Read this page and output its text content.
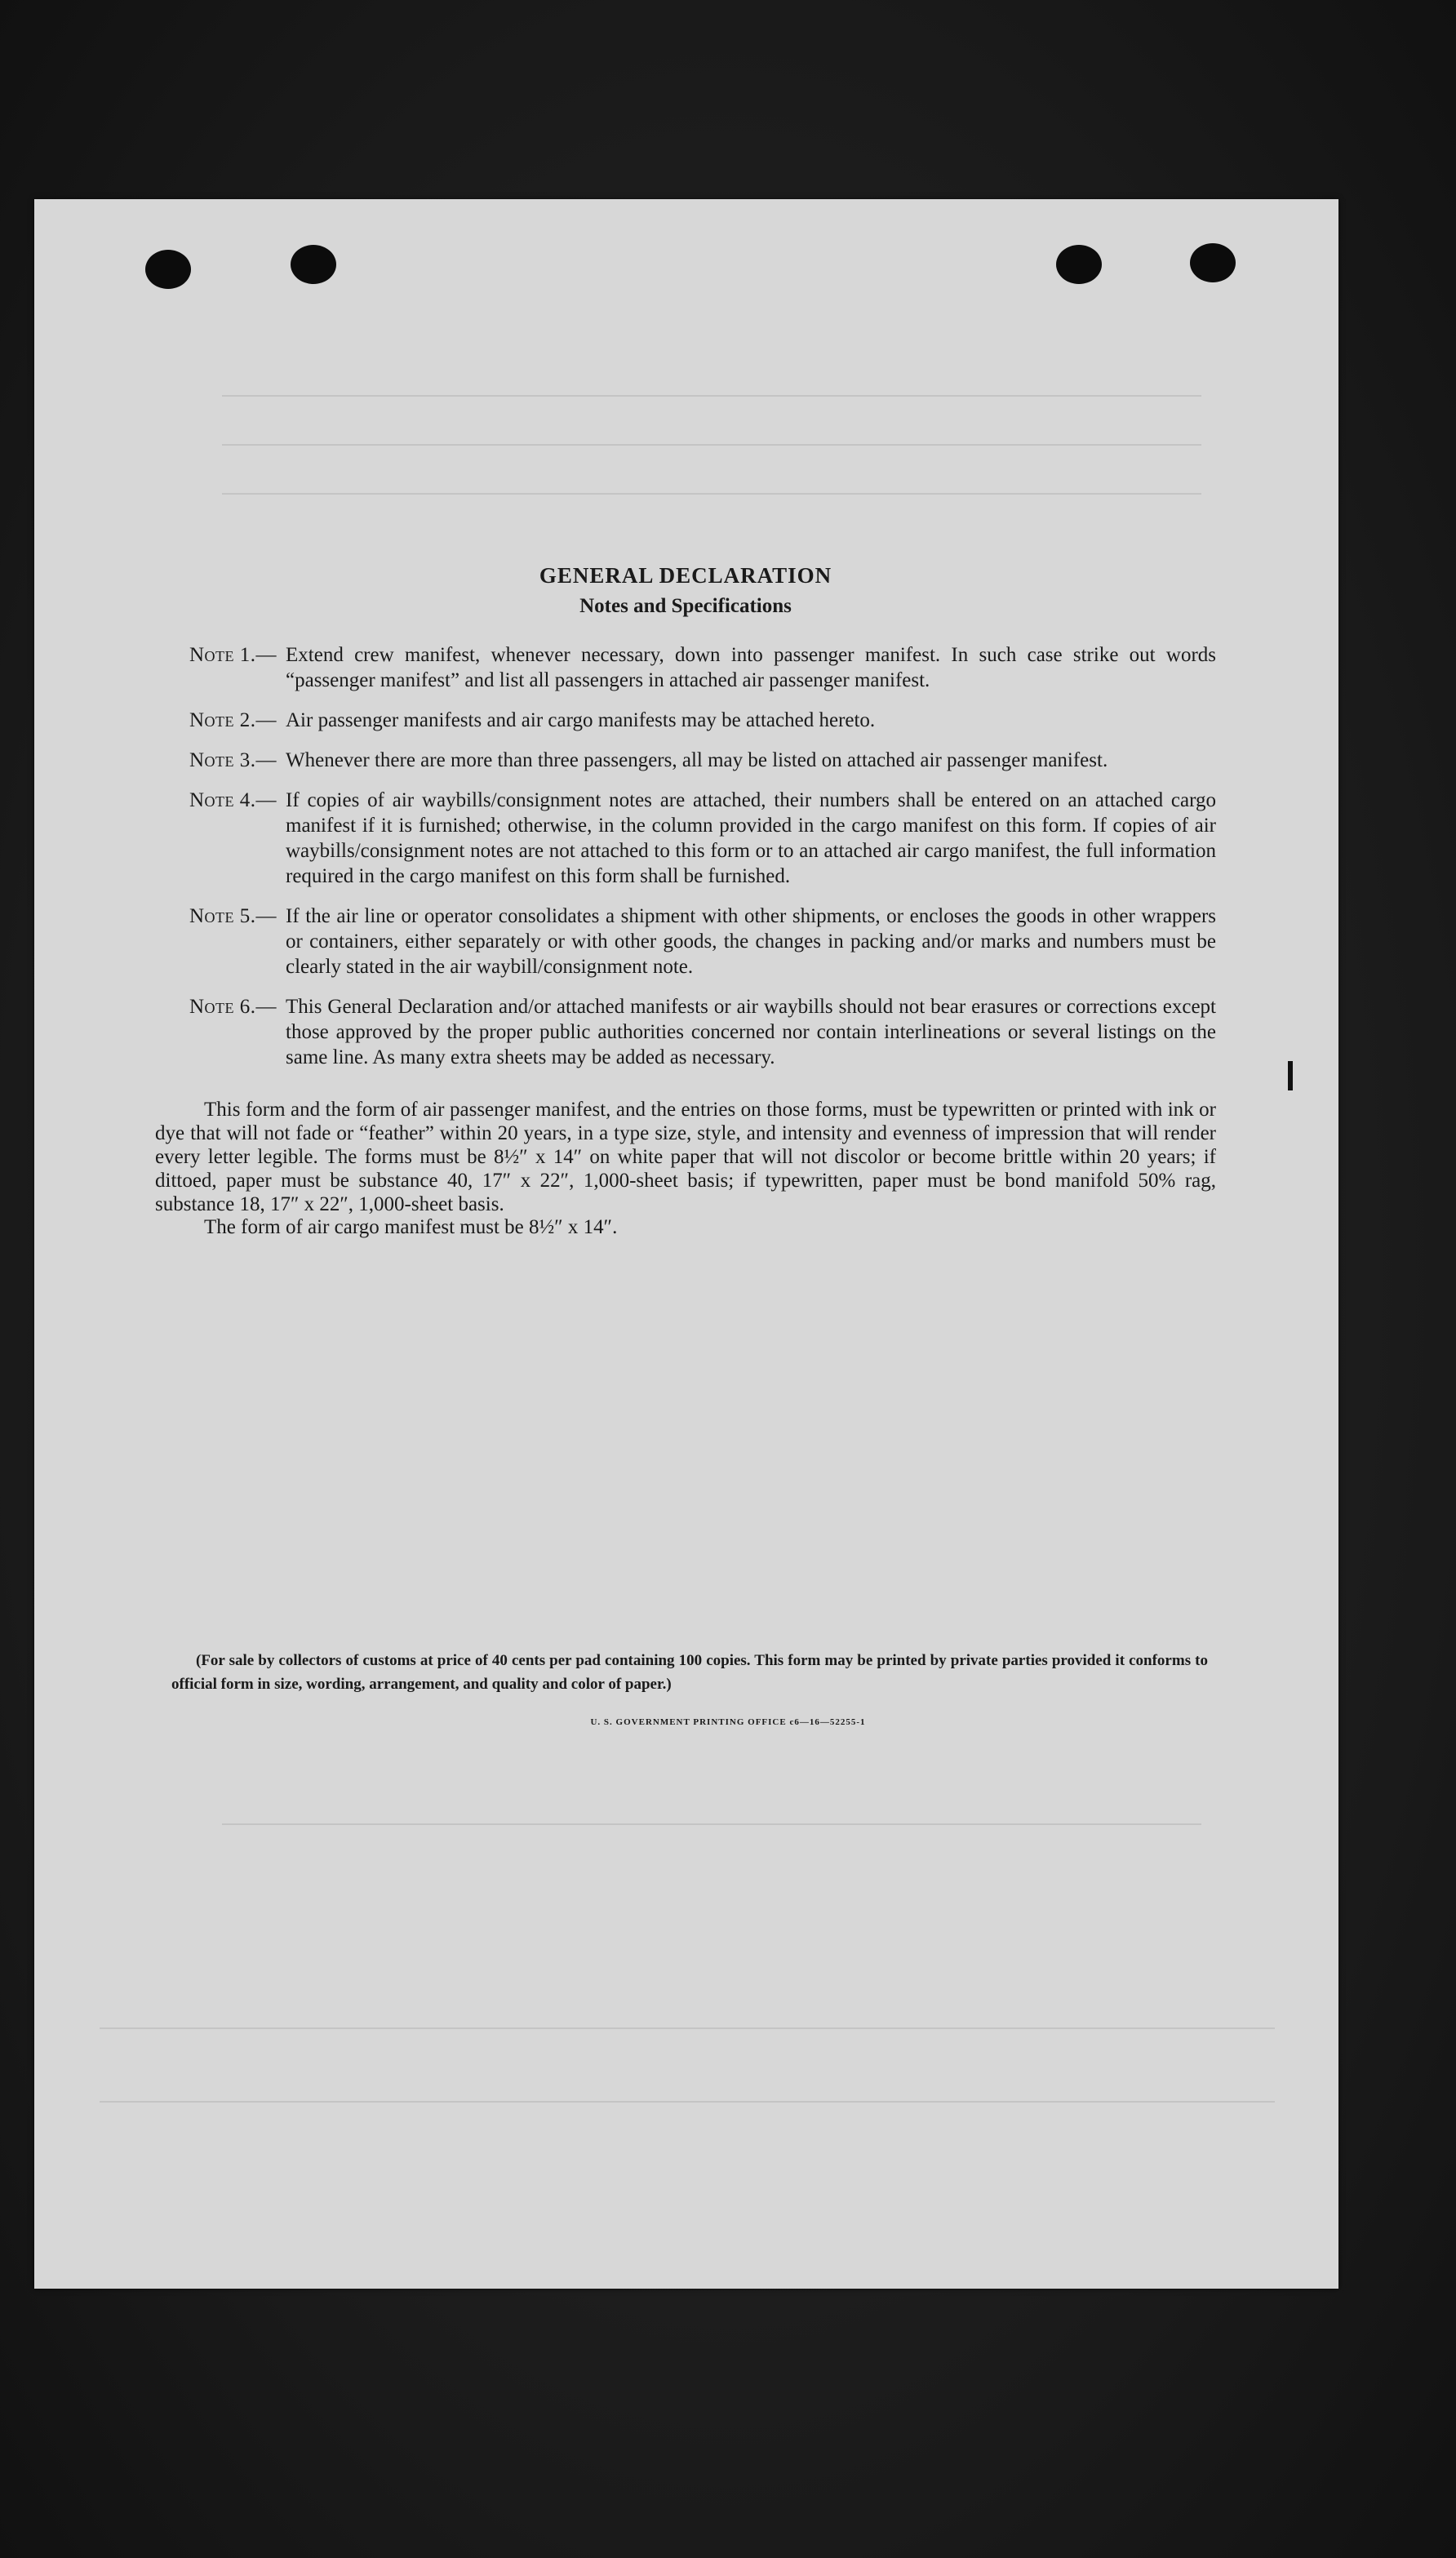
GENERAL DECLARATION
Notes and Specifications
Note 1.— Extend crew manifest, whenever necessary, down into passenger manifest. In such case strike out words “passenger manifest” and list all passengers in attached air passenger manifest.
Note 2.— Air passenger manifests and air cargo manifests may be attached hereto.
Note 3.— Whenever there are more than three passengers, all may be listed on attached air passenger manifest.
Note 4.— If copies of air waybills/consignment notes are attached, their numbers shall be entered on an attached cargo manifest if it is furnished; otherwise, in the column provided in the cargo manifest on this form. If copies of air waybills/consignment notes are not attached to this form or to an attached air cargo manifest, the full information required in the cargo manifest on this form shall be furnished.
Note 5.— If the air line or operator consolidates a shipment with other shipments, or encloses the goods in other wrappers or containers, either separately or with other goods, the changes in packing and/or marks and numbers must be clearly stated in the air waybill/consignment note.
Note 6.— This General Declaration and/or attached manifests or air waybills should not bear erasures or corrections except those approved by the proper public authorities concerned nor contain interlineations or several listings on the same line. As many extra sheets may be added as necessary.
This form and the form of air passenger manifest, and the entries on those forms, must be typewritten or printed with ink or dye that will not fade or “feather” within 20 years, in a type size, style, and intensity and evenness of impression that will render every letter legible. The forms must be 8½″ x 14″ on white paper that will not discolor or become brittle within 20 years; if dittoed, paper must be substance 40, 17″ x 22″, 1,000-sheet basis; if typewritten, paper must be bond manifold 50% rag, substance 18, 17″ x 22″, 1,000-sheet basis.
The form of air cargo manifest must be 8½″ x 14″.
(For sale by collectors of customs at price of 40 cents per pad containing 100 copies. This form may be printed by private parties provided it conforms to official form in size, wording, arrangement, and quality and color of paper.)
U. S. GOVERNMENT PRINTING OFFICE c6—16—52255-1
